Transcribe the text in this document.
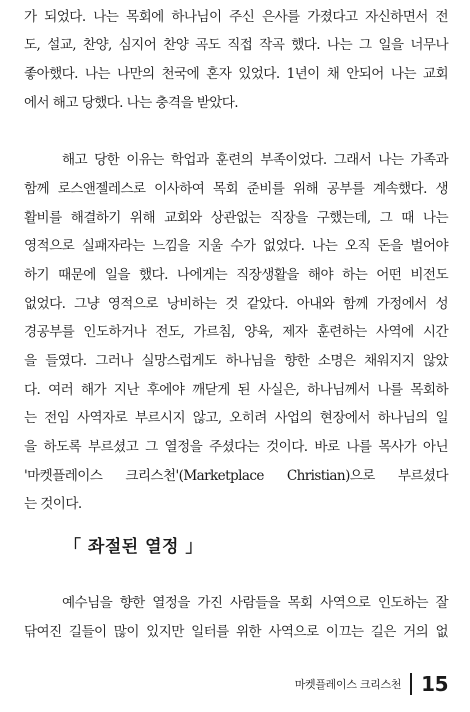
가 되었다. 나는 목회에 하나님이 주신 은사를 가졌다고 자신하면서 전
도, 설교, 찬양, 심지어 찬양 곡도 직접 작곡 했다. 나는 그 일을 너무나
좋아했다. 나는 나만의 천국에 혼자 있었다. 1년이 채 안되어 나는 교회
에서 해고 당했다. 나는 충격을 받았다.
해고 당한 이유는 학업과 훈련의 부족이었다. 그래서 나는 가족과
함께 로스앤젤레스로 이사하여 목회 준비를 위해 공부를 계속했다. 생
활비를 해결하기 위해 교회와 상관없는 직장을 구했는데, 그 때 나는
영적으로 실패자라는 느낌을 지울 수가 없었다. 나는 오직 돈을 벌어야
하기 때문에 일을 했다. 나에게는 직장생활을 해야 하는 어떤 비전도
없었다. 그냥 영적으로 낭비하는 것 같았다. 아내와 함께 가정에서 성
경공부를 인도하거나 전도, 가르침, 양육, 제자 훈련하는 사역에 시간
을 들였다. 그러나 실망스럽게도 하나님을 향한 소명은 채워지지 않았
다. 여러 해가 지난 후에야 깨닫게 된 사실은, 하나님께서 나를 목회하
는 전임 사역자로 부르시지 않고, 오히려 사업의 현장에서 하나님의 일
을 하도록 부르셨고 그 열정을 주셨다는 것이다. 바로 나를 목사가 아닌
'마켓플레이스 크리스천'(Marketplace Christian)으로 부르셨다
는 것이다.
「 좌절된 열정 」
예수님을 향한 열정을 가진 사람들을 목회 사역으로 인도하는 잘
닦여진 길들이 많이 있지만 일터를 위한 사역으로 이끄는 길은 거의 없
마켓플레이스 크리스천 15
